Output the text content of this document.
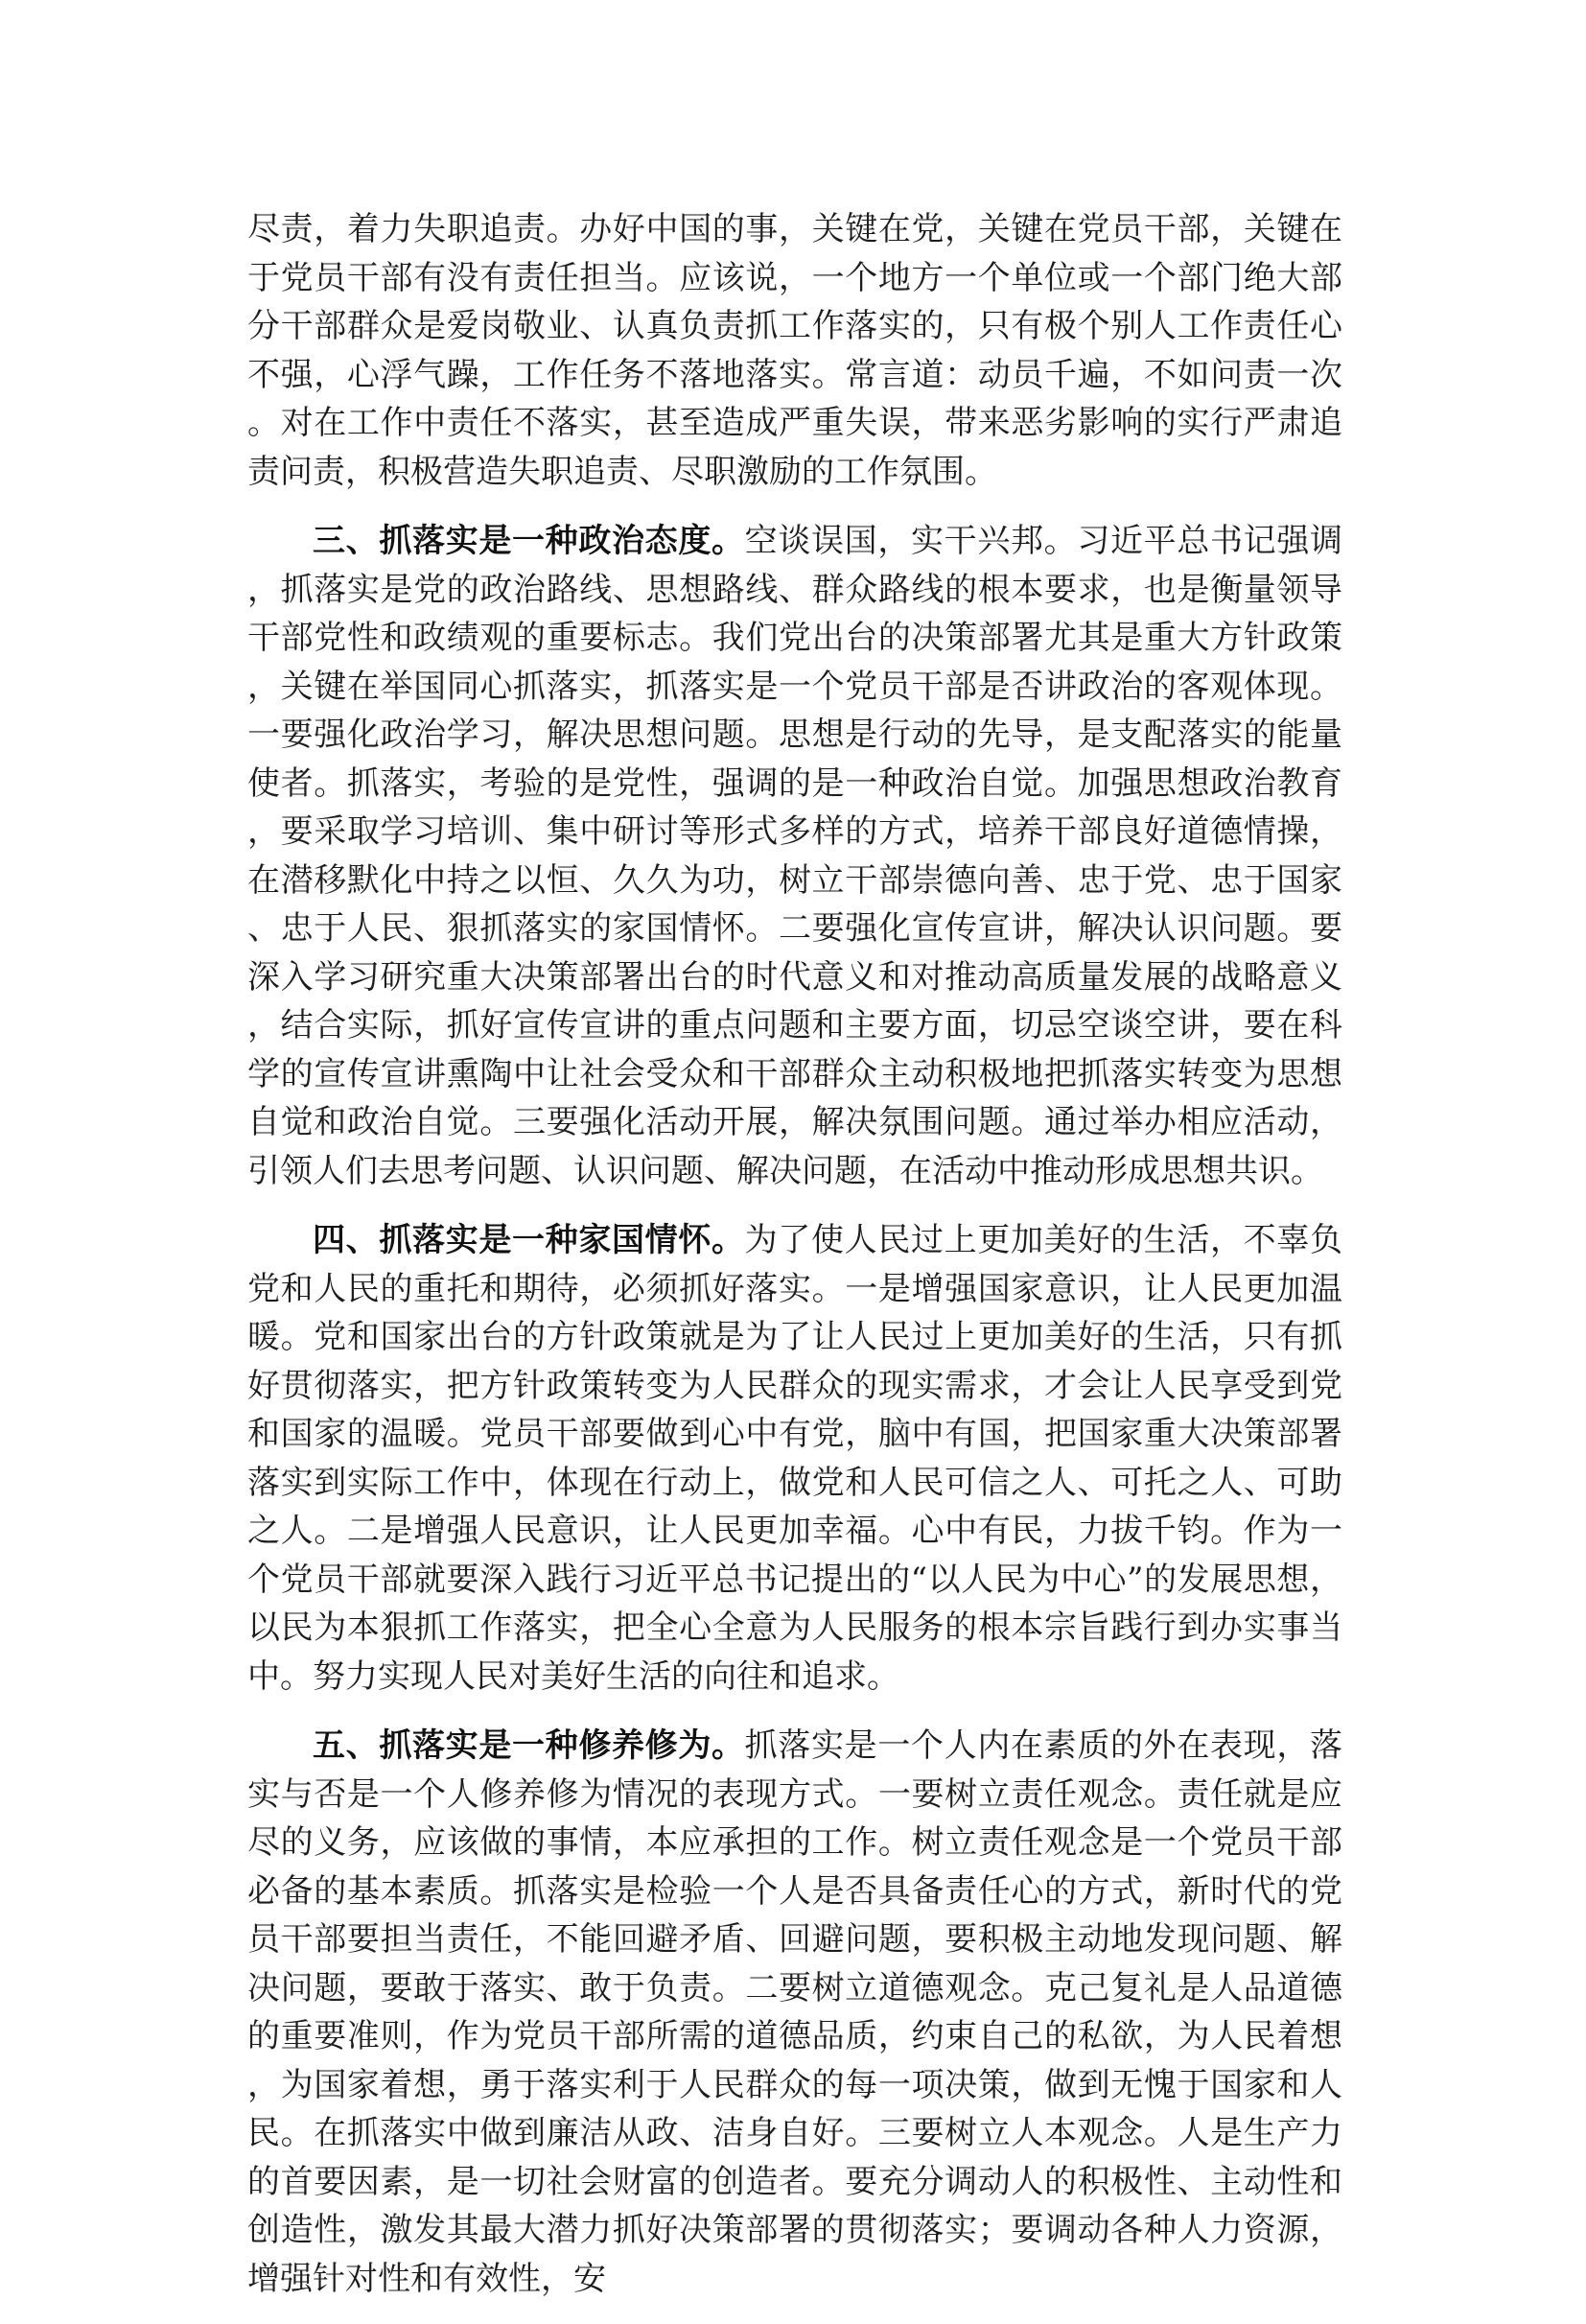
尽责，着力失职追责。办好中国的事，关键在党，关键在党员干部，关键在于党员干部有没有责任担当。应该说，一个地方一个单位或一个部门绝大部分干部群众是爱岗敬业、认真负责抓工作落实的，只有极个别人工作责任心不强，心浮气躁，工作任务不落地落实。常言道：动员千遍，不如问责一次。对在工作中责任不落实，甚至造成严重失误，带来恶劣影响的实行严肃追责问责，积极营造失职追责、尽职激励的工作氛围。

三、抓落实是一种政治态度。空谈误国，实干兴邦。习近平总书记强调，抓落实是党的政治路线、思想路线、群众路线的根本要求，也是衡量领导干部党性和政绩观的重要标志。我们党出台的决策部署尤其是重大方针政策，关键在举国同心抓落实，抓落实是一个党员干部是否讲政治的客观体现。一要强化政治学习，解决思想问题。思想是行动的先导，是支配落实的能量使者。抓落实，考验的是党性，强调的是一种政治自觉。加强思想政治教育，要采取学习培训、集中研讨等形式多样的方式，培养干部良好道德情操，在潜移默化中持之以恒、久久为功，树立干部崇德向善、忠于党、忠于国家、忠于人民、狠抓落实的家国情怀。二要强化宣传宣讲，解决认识问题。要深入学习研究重大决策部署出台的时代意义和对推动高质量发展的战略意义，结合实际，抓好宣传宣讲的重点问题和主要方面，切忌空谈空讲，要在科学的宣传宣讲熏陶中让社会受众和干部群众主动积极地把抓落实转变为思想自觉和政治自觉。三要强化活动开展，解决氛围问题。通过举办相应活动，引领人们去思考问题、认识问题、解决问题，在活动中推动形成思想共识。

四、抓落实是一种家国情怀。为了使人民过上更加美好的生活，不辜负党和人民的重托和期待，必须抓好落实。一是增强国家意识，让人民更加温暖。党和国家出台的方针政策就是为了让人民过上更加美好的生活，只有抓好贯彻落实，把方针政策转变为人民群众的现实需求，才会让人民享受到党和国家的温暖。党员干部要做到心中有党，脑中有国，把国家重大决策部署落实到实际工作中，体现在行动上，做党和人民可信之人、可托之人、可助之人。二是增强人民意识，让人民更加幸福。心中有民，力拔千钧。作为一个党员干部就要深入践行习近平总书记提出的“以人民为中心”的发展思想，以民为本狠抓工作落实，把全心全意为人民服务的根本宗旨践行到办实事当中。努力实现人民对美好生活的向往和追求。

五、抓落实是一种修养修为。抓落实是一个人内在素质的外在表现，落实与否是一个人修养修为情况的表现方式。一要树立责任观念。责任就是应尽的义务，应该做的事情，本应承担的工作。树立责任观念是一个党员干部必备的基本素质。抓落实是检验一个人是否具备责任心的方式，新时代的党员干部要担当责任，不能回避矛盾、回避问题，要积极主动地发现问题、解决问题，要敢于落实、敢于负责。二要树立道德观念。克己复礼是人品道德的重要准则，作为党员干部所需的道德品质，约束自己的私欲，为人民着想，为国家着想，勇于落实利于人民群众的每一项决策，做到无愧于国家和人民。在抓落实中做到廉洁从政、洁身自好。三要树立人本观念。人是生产力的首要因素，是一切社会财富的创造者。要充分调动人的积极性、主动性和创造性，激发其最大潜力抓好决策部署的贯彻落实；要调动各种人力资源，增强针对性和有效性，安
